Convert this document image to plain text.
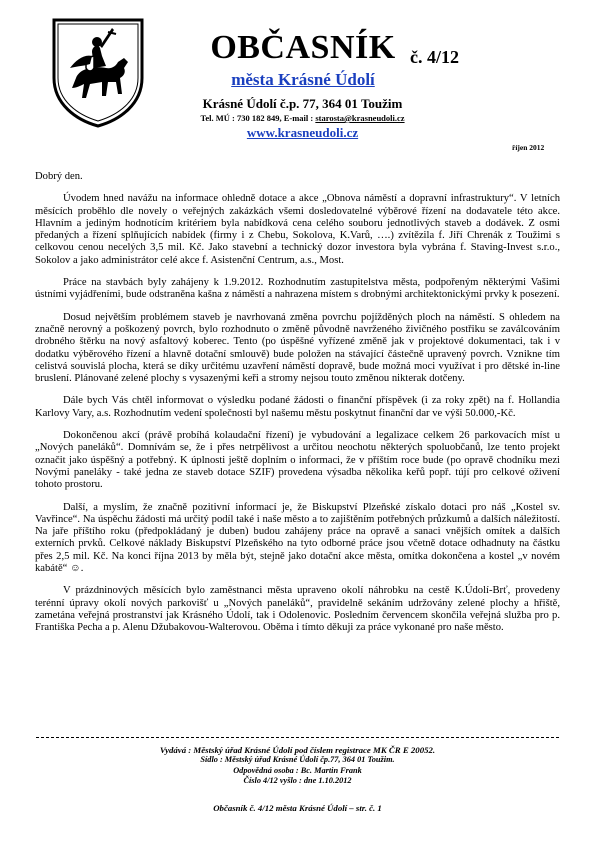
OBČASNÍK č. 4/12
města Krásné Údolí
Krásné Údolí č.p. 77, 364 01 Toužim
Tel. MÚ : 730 182 849, E-mail : starosta@krasneudoli.cz
www.krasneudoli.cz
říjen 2012
Dobrý den.

Úvodem hned navážu na informace ohledně dotace a akce „Obnova náměstí a dopravní infrastruktury“. V letních měsících proběhlo dle novely o veřejných zakázkách všemi dosledovatelné výběrové řízení na dodavatele této akce. Hlavním a jediným hodnotícím kritériem byla nabídková cena celého souboru jednotlivých staveb a dodávek. Z osmi předaných a řízení splňujících nabídek (firmy i z Chebu, Sokolova, K.Varů, ….) zvítězila f. Jiří Chrenák z Toužimi s celkovou cenou necelých 3,5 mil. Kč. Jako stavební a technický dozor investora byla vybrána f. Staving-Invest s.r.o., Sokolov a jako administrátor celé akce f. Asistenční Centrum, a.s., Most.

Práce na stavbách byly zahájeny k 1.9.2012. Rozhodnutím zastupitelstva města, podpořeným některými Vašimi ústními vyjádřeními, bude odstraněna kašna z náměstí a nahrazena místem s drobnými architektonickými prvky k posezení.

Dosud největším problémem staveb je navrhovaná změna povrchu pojížděných ploch na náměstí. S ohledem na značně nerovný a poškozený povrch, bylo rozhodnuto o změně původně navrženého živičného postřiku se zaválcováním drobného štěrku na nový asfaltový koberec. Tento (po úspěšné vyřízené změně jak v projektové dokumentaci, tak i v dodatku výběrového řízení a hlavně dotační smlouvě) bude položen na stávající částečně upravený povrch. Vznikne tím celistvá souvislá plocha, která se díky určitému uzavření náměstí dopravě, bude možná moci využívat i pro dětské in-line bruslení. Plánované zelené plochy s vysazenými keři a stromy nejsou touto změnou nikterak dotčeny.

Dále bych Vás chtěl informovat o výsledku podané žádosti o finanční příspěvek (i za roky zpět) na f. Hollandia Karlovy Vary, a.s. Rozhodnutím vedení společnosti byl našemu městu poskytnut finanční dar ve výši 50.000,-Kč.

Dokončenou akcí (právě probíhá kolaudační řízení) je vybudování a legalizace celkem 26 parkovacích míst u „Nových paneláků“. Domnívám se, že i přes netrpělivost a určitou neochotu některých spoluobčanů, lze tento projekt označit jako úspěšný a potřebný. K úplnosti ještě doplním o informaci, že v příštím roce bude (po opravě chodníku mezi Novými paneláky - také jedna ze staveb dotace SZIF) provedena výsadba několika keřů popř. tújí pro celkové oživení tohoto prostoru.

Další, a myslím, že značně pozitivní informací je, že Biskupství Plzeňské získalo dotaci pro náš „Kostel sv. Vavřince“. Na úspěchu žádosti má určitý podíl také i naše město a to zajištěním potřebných průzkumů a dalších náležitostí. Na jaře příštího roku (předpokládaný je duben) budou zahájeny práce na opravě a sanaci vnějších omítek a dalších externích prvků. Celkové náklady Biskupství Plzeňského na tyto odborné práce jsou včetně dotace odhadnuty na částku přes 2,5 mil. Kč. Na konci října 2013 by měla být, stejně jako dotační akce města, omítka dokončena a kostel „v novém kabátě“ ☺.

V prázdninových měsících bylo zaměstnanci města upraveno okolí náhrobku na cestě K.Údolí-Brť, provedeny terénní úpravy okolí nových parkovišť u „Nových paneláků“, pravidelně sekáním udržovány zelené plochy a hřiště, zametána veřejná prostranství jak Krásného Údolí, tak i Odolenovic. Posledním červencem skončila veřejná služba pro p. Františka Pecha a p. Alenu Džubakovou-Walterovou. Oběma i tímto děkuji za práce vykonané pro naše město.

Vydává : Městský úřad Krásné Údolí pod číslem registrace MK ČR E 20052.
Sídlo : Městský úřad Krásné Údolí čp.77, 364 01 Toužim.
Odpovědná osoba : Bc. Martin Frank
Číslo 4/12 vyšlo : dne 1.10.2012
Občasník č. 4/12 města Krásné Údolí – str. č. 1
